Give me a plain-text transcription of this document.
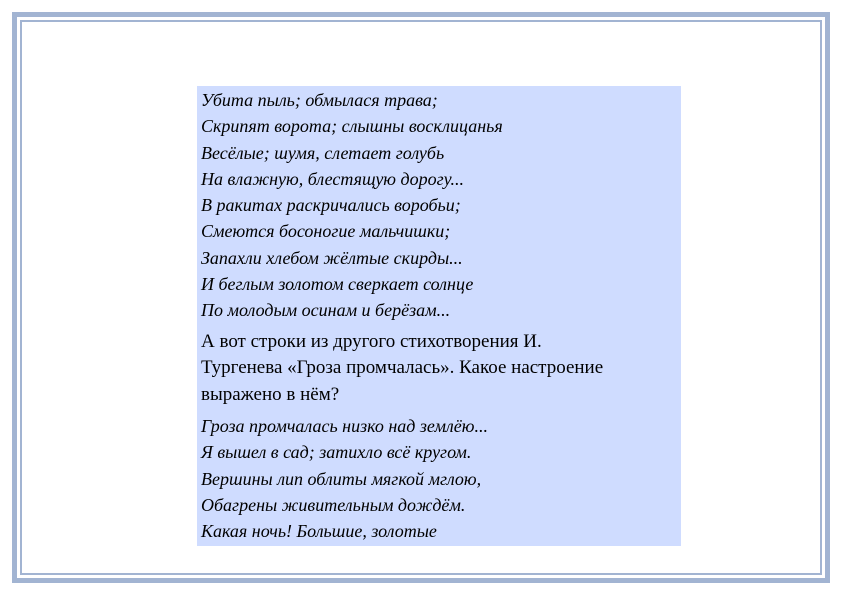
Убита пыль; обмылася трава;
Скрипят ворота; слышны восклицанья
Весёлые; шумя, слетает голубь
На влажную, блестящую дорогу...
В ракитах раскричались воробьи;
Смеются босоногие мальчишки;
Запахли хлебом жёлтые скирды...
И беглым золотом сверкает солнце
По молодым осинам и берёзам...
А вот строки из другого стихотворения И.
Тургенева «Гроза промчалась». Какое настроение
выражено в нём?
Гроза промчалась низко над землёю...
Я вышел в сад; затихло всё кругом.
Вершины лип облиты мягкой мглою,
Обагрены живительным дождём.
Какая ночь! Большие, золотые
